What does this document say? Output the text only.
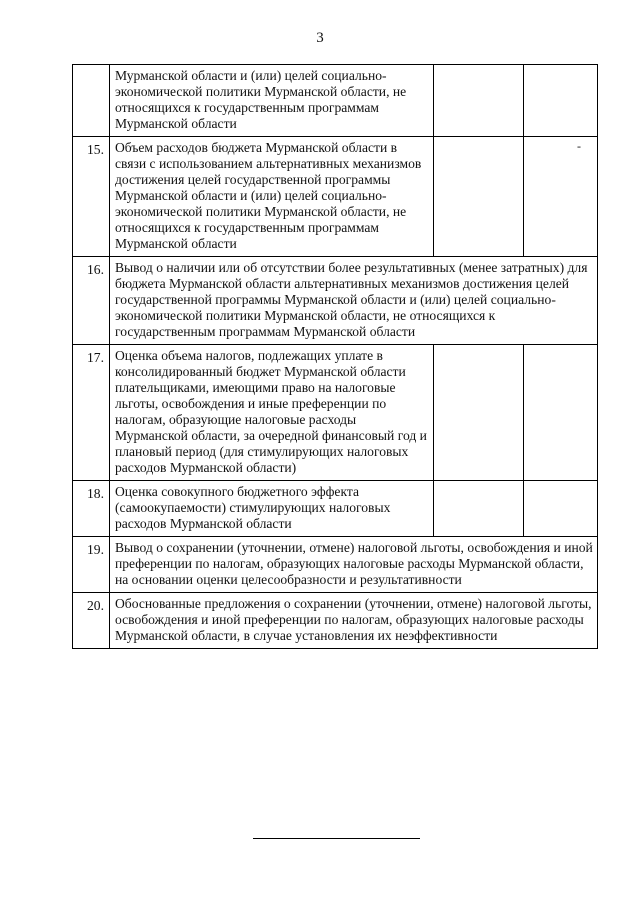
3
	Мурманской области и (или) целей социально-экономической политики Мурманской области, не относящихся к государственным программам Мурманской области		

15.	Объем расходов бюджета Мурманской области в связи с использованием альтернативных механизмов достижения целей государственной программы Мурманской области и (или) целей социально-экономической политики Мурманской области, не относящихся к государственным программам Мурманской области		-

16.	Вывод о наличии или об отсутствии более результативных (менее затратных) для бюджета Мурманской области альтернативных механизмов достижения целей государственной программы Мурманской области и (или) целей социально-экономической политики Мурманской области, не относящихся к государственным программам Мурманской области		
17.	Оценка объема налогов, подлежащих уплате в консолидированный бюджет Мурманской области плательщиками, имеющими право на налоговые льготы, освобождения и иные преференции по налогам, образующие налоговые расходы Мурманской области, за очередной финансовый год и плановый период (для стимулирующих налоговых расходов Мурманской области)		

18.	Оценка совокупного бюджетного эффекта (самоокупаемости) стимулирующих налоговых расходов Мурманской области		

19.	Вывод о сохранении (уточнении, отмене) налоговой льготы, освобождения и иной преференции по налогам, образующих налоговые расходы Мурманской области, на основании оценки целесообразности и результативности		
20.	Обоснованные предложения о сохранении (уточнении, отмене) налоговой льготы, освобождения и иной преференции по налогам, образующих налоговые расходы Мурманской области, в случае установления их неэффективности		
